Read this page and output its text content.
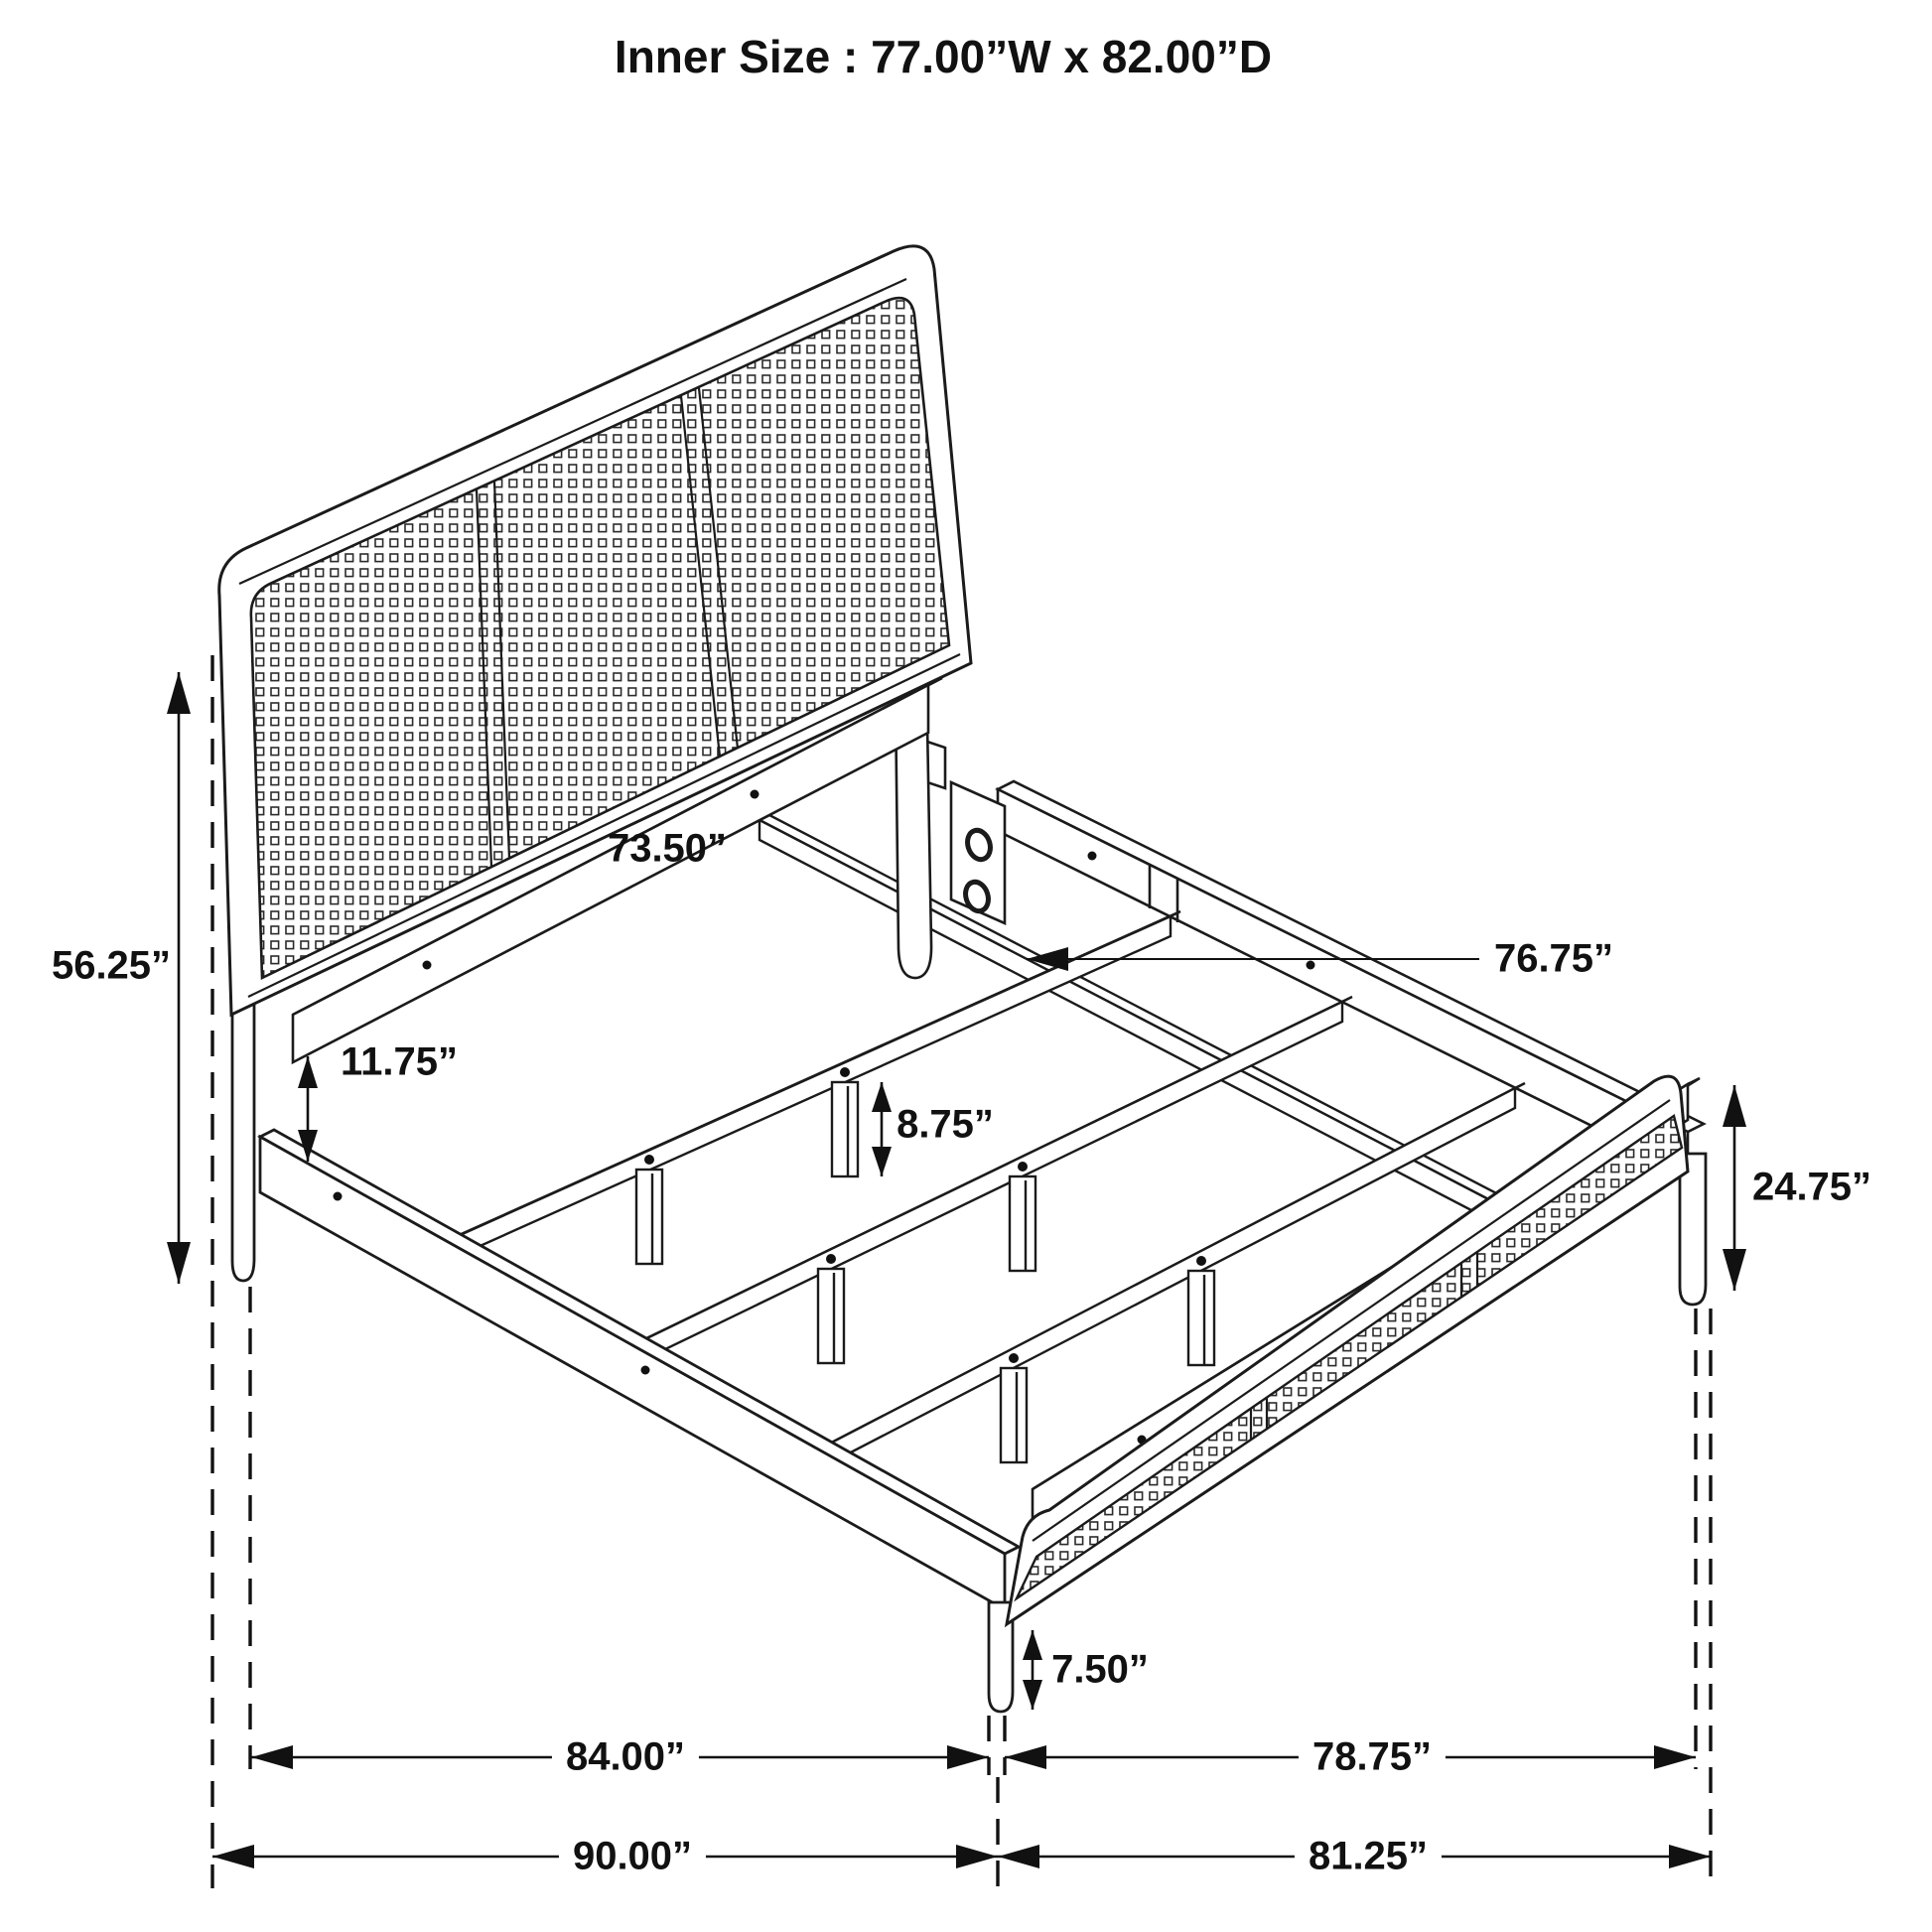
Inner Size : 77.00”W x 82.00”D
56.25”
73.50”
11.75”
8.75”
76.75”
24.75”
7.50”
84.00”	78.75”
90.00”	81.25”
